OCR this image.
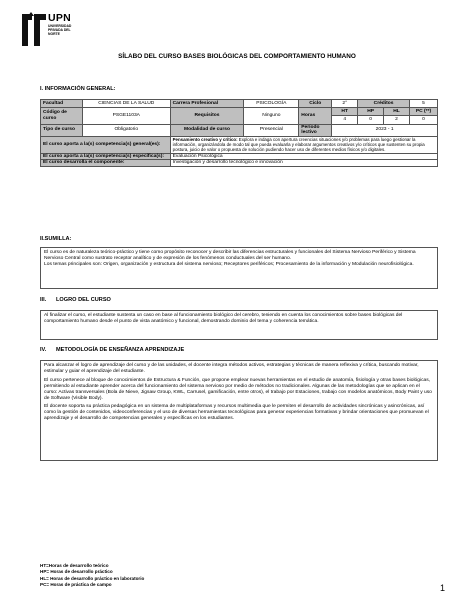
UPN
UNIVERSIDAD PRIVADA DEL NORTE
SÍLABO DEL CURSO BASES BIOLÓGICAS DEL COMPORTAMIENTO HUMANO
I. INFORMACIÓN GENERAL:
Facultad	CIENCIAS DE LA SALUD	Carrera Profesional	PSICOLOGÍA	Ciclo	2°	Créditos		5
Código de curso	PSGE1103A	Requisitos	Ninguno	Horas	HT	HP	HL	PC (**)
					4	0	2	0
Tipo de curso	Obligatorio	Modalidad de curso	Presencial	Período lectivo	2023 - 1			
El curso aporta a la(s) competencia(s) general(es):		Pensamiento creativo y crítico: Explora e indaga con apertura creencias situaciones y/o problemas para luego gestionar la información, organizándola de modo tal que pueda evaluarla y elaborar argumentos creativos y/o críticos que sustenten su propia postura, juicio de valor o propuesta de solución pudiendo hacer uso de diferentes medios físicos y/o digitales.						
El curso aporta a la(s) competencia(s) específica(s):		Evaluación Psicológica						
El curso desarrolla el componente:		Investigación y desarrollo tecnológico e innovación						
II.SUMILLA:

El curso es de naturaleza teórico-práctico y tiene como propósito reconocer y describir las diferencias estructurales y funcionales del Sistema Nervioso Periférico y Sistema Nervioso Central como sustrato receptor analítico y de expresión de los fenómenos conductuales del ser humano.

Los temas principales son: Origen, organización y estructura del sistema nervioso; Receptores periféricos; Procesamiento de la información y Modulación neurofisiológica.

III. LOGRO DEL CURSO

Al finalizar el curso, el estudiante sustenta un caso en base al funcionamiento biológico del cerebro, teniendo en cuenta los conocimientos sobre bases biológicas del comportamiento humano desde el punto de vista anatómico y funcional, demostrando dominio del tema y coherencia temática.

IV. METODOLOGÍA DE ENSEÑANZA APRENDIZAJE

Para alcanzar el logro de aprendizaje del curso y de las unidades, el docente integra métodos activos, estrategias y técnicas de manera reflexiva y crítica, buscando motivar, estimular y guiar el aprendizaje del estudiante.

El curso pertenece al bloque de conocimientos de Estructura & Función, que propone emplear nuevas herramientas en el estudio de anatomía, fisiología y otras bases biológicas, permitiendo al estudiante aprender acerca del funcionamiento del sistema nervioso por medio de métodos no tradicionales. Algunas de las metodologías que se aplican en el curso: Activas transversales (Bola de Nieve, Jigsaw Group, KWL, Carrusel, gamificación, entre otros), el trabajo por Estaciones, trabajo con modelos anatómicos, Body Paint y uso de Software (Visible Body).

El docente soporta su práctica pedagógica en un sistema de multiplataformas y recursos multimedia que le permiten el desarrollo de actividades sincrónicas y asincrónicas, así como la gestión de contenidos, videoconferencias y el uso de diversas herramientas tecnológicas para generar experiencias formativas y brindar orientaciones que promuevan el aprendizaje y el desarrollo de competencias generales y específicas en los estudiantes.

HT=Horas de desarrollo teórico
HP= Horas de desarrollo práctico
HL= Horas de desarrollo práctico en laboratorio
PC= Horas de práctica de campo	1
